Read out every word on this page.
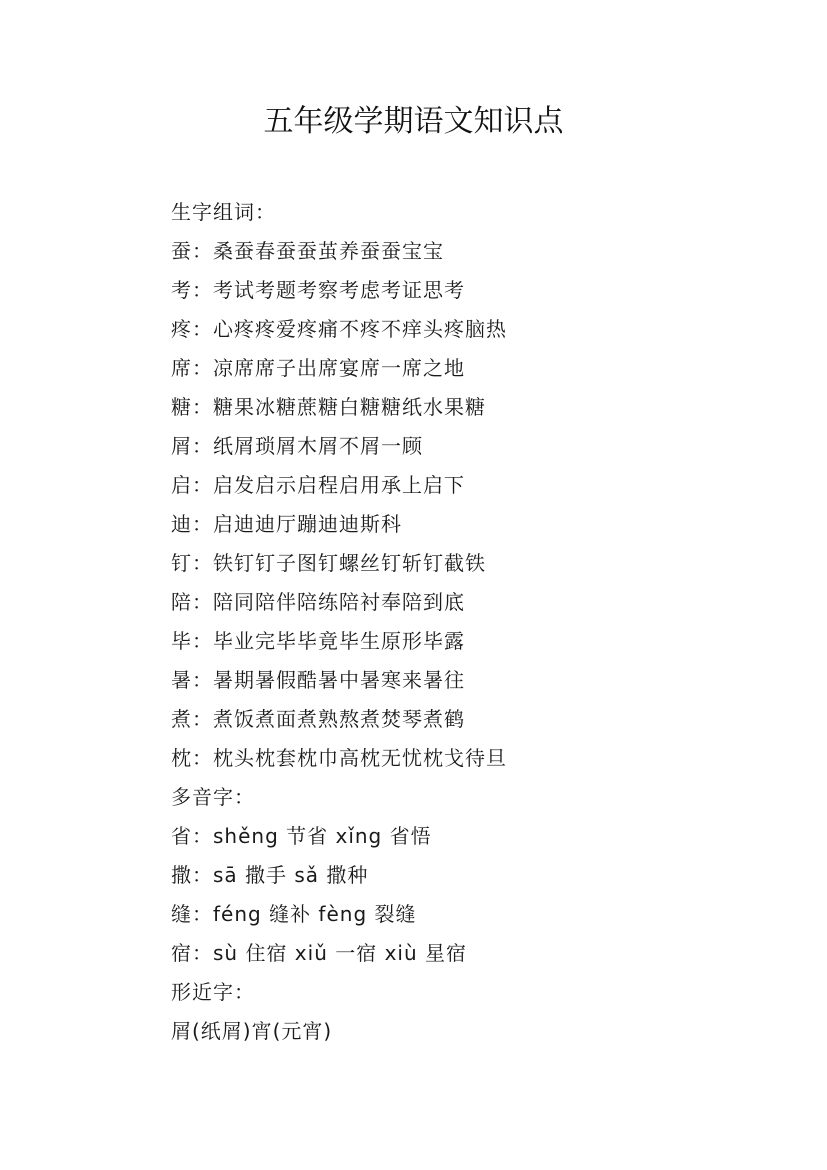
五年级学期语文知识点
生字组词：
蚕：桑蚕春蚕蚕茧养蚕蚕宝宝
考：考试考题考察考虑考证思考
疼：心疼疼爱疼痛不疼不痒头疼脑热
席：凉席席子出席宴席一席之地
糖：糖果冰糖蔗糖白糖糖纸水果糖
屑：纸屑琐屑木屑不屑一顾
启：启发启示启程启用承上启下
迪：启迪迪厅蹦迪迪斯科
钉：铁钉钉子图钉螺丝钉斩钉截铁
陪：陪同陪伴陪练陪衬奉陪到底
毕：毕业完毕毕竟毕生原形毕露
暑：暑期暑假酷暑中暑寒来暑往
煮：煮饭煮面煮熟熬煮焚琴煮鹤
枕：枕头枕套枕巾高枕无忧枕戈待旦
多音字：
省：shěng 节省 xǐng 省悟
撒：sā 撒手 sǎ 撒种
缝：féng 缝补 fèng 裂缝
宿：sù 住宿 xiǔ 一宿 xiù 星宿
形近字：
屑(纸屑)宵(元宵)
